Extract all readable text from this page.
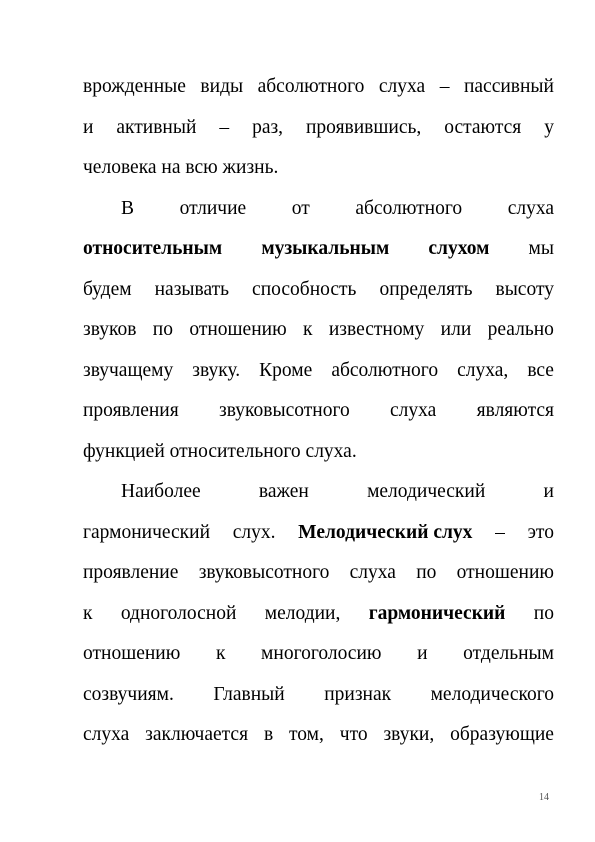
врожденные виды абсолютного слуха – пассивный
и активный – раз, проявившись, остаются у
человека на всю жизнь.
В отличие от абсолютного слуха
относительным музыкальным слухом мы
будем называть способность определять высоту
звуков по отношению к известному или реально
звучащему звуку. Кроме абсолютного слуха, все
проявления звуковысотного слуха являются
функцией относительного слуха.
Наиболее	важен	мелодический	и
гармонический слух. Мелодический слух – это
проявление звуковысотного слуха по отношению
к одноголосной мелодии, гармонический по
отношению к многоголосию и отдельным
созвучиям. Главный признак мелодического
слуха заключается в том, что звуки, образующие
14
